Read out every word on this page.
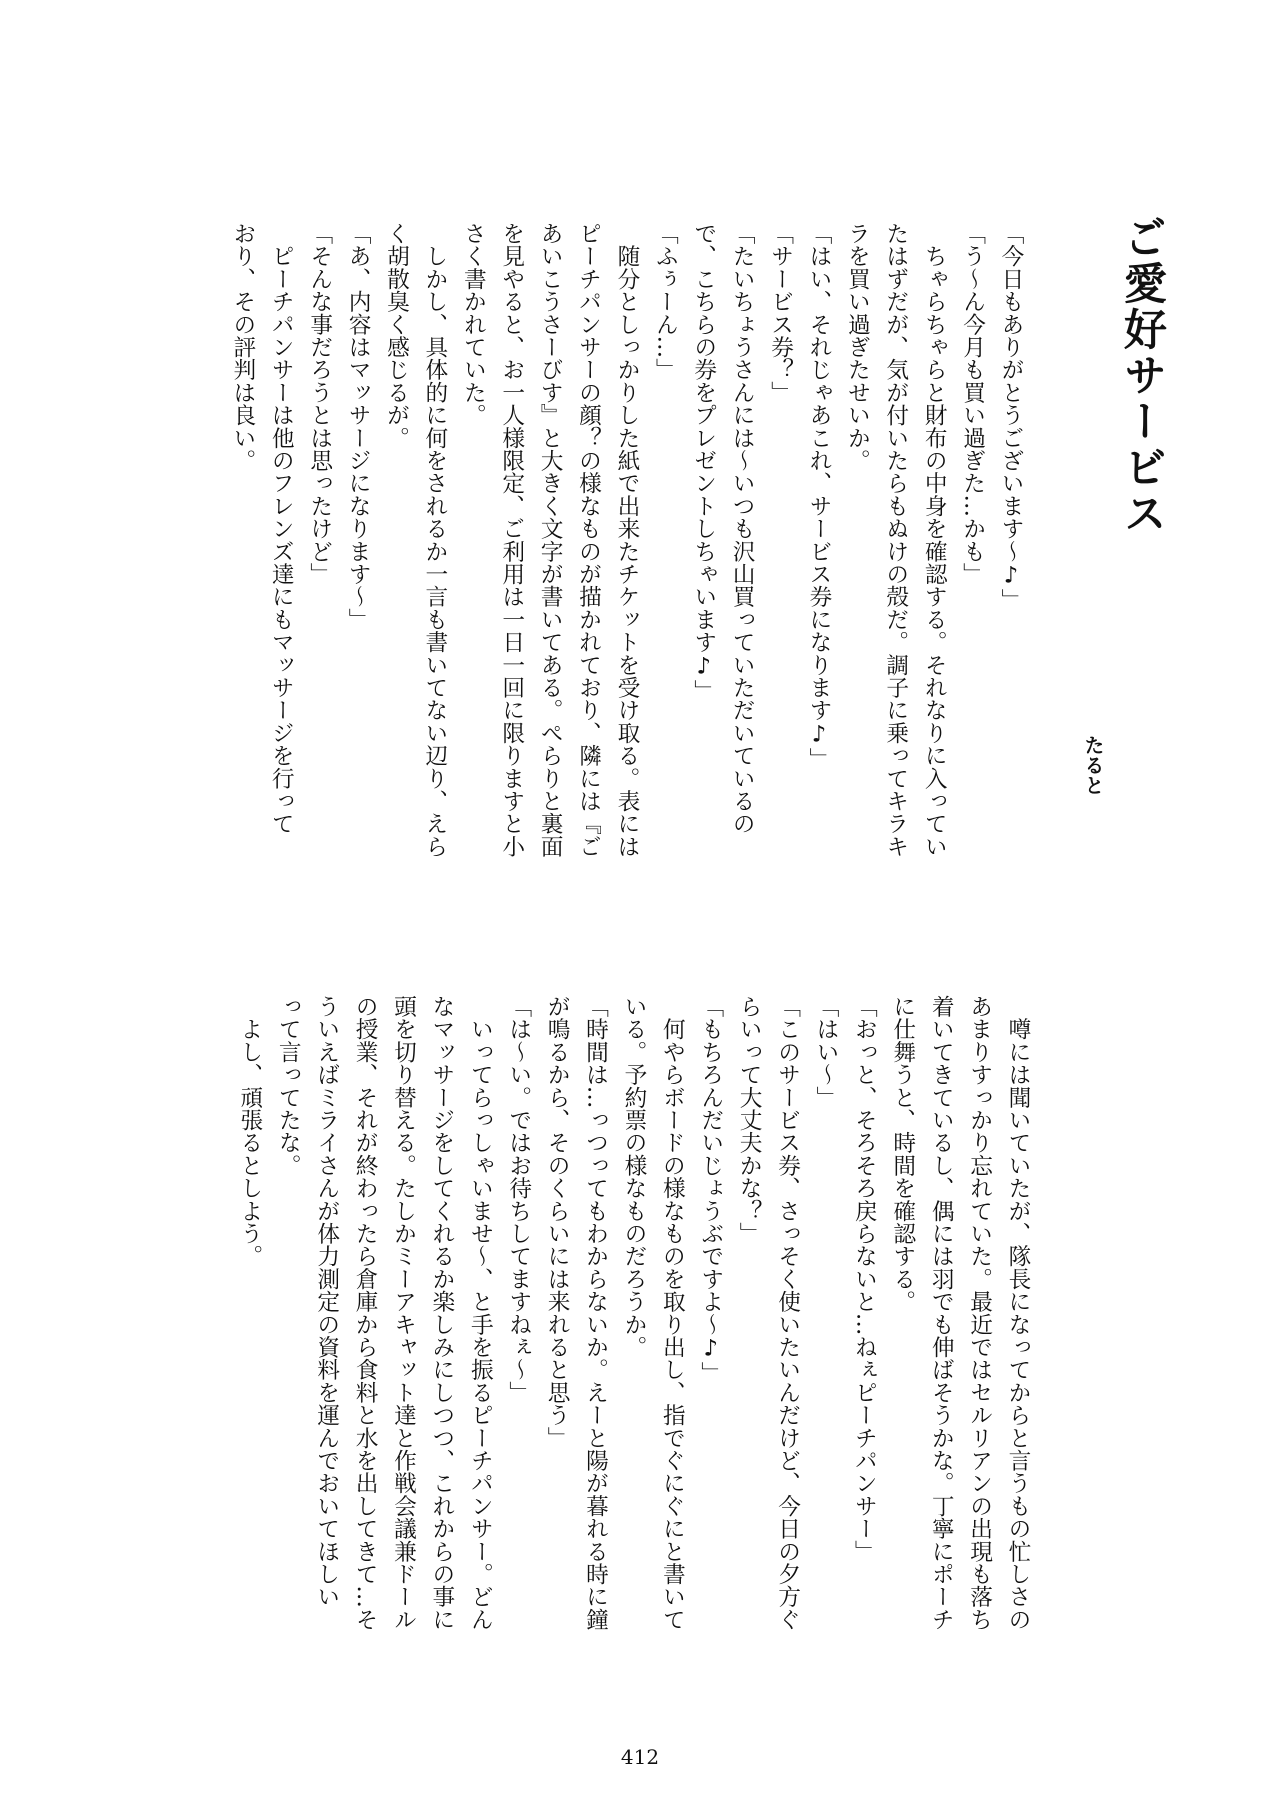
ご愛好サービス
たると
「今日もありがとうございます〜♪」
「う〜ん今月も買い過ぎた…かも」
　ちゃらちゃらと財布の中身を確認する。それなりに入ってい
たはずだが、気が付いたらもぬけの殻だ。調子に乗ってキラキ
ラを買い過ぎたせいか。
「はい、それじゃあこれ、サービス券になります♪」
「サービス券？」
「たいちょうさんには〜いつも沢山買っていただいているの
で、こちらの券をプレゼントしちゃいます♪」
「ふぅーん…」
　随分としっかりした紙で出来たチケットを受け取る。表には
ピーチパンサーの顔？の様なものが描かれており、隣には『ご
あいこうさーびす』と大きく文字が書いてある。ぺらりと裏面
を見やると、お一人様限定、ご利用は一日一回に限りますと小
さく書かれていた。
　しかし、具体的に何をされるか一言も書いてない辺り、えら
く胡散臭く感じるが。
「あ、内容はマッサージになります〜」
「そんな事だろうとは思ったけど」
　ピーチパンサーは他のフレンズ達にもマッサージを行って
おり、その評判は良い。
　噂には聞いていたが、隊長になってからと言うもの忙しさの
あまりすっかり忘れていた。最近ではセルリアンの出現も落ち
着いてきているし、偶には羽でも伸ばそうかな。丁寧にポーチ
に仕舞うと、時間を確認する。
「おっと、そろそろ戻らないと…ねぇピーチパンサー」
「はい〜」
「このサービス券、さっそく使いたいんだけど、今日の夕方ぐ
らいって大丈夫かな？」
「もちろんだいじょうぶですよ〜♪」
　何やらボードの様なものを取り出し、指でぐにぐにと書いて
いる。予約票の様なものだろうか。
「時間は…っつってもわからないか。えーと陽が暮れる時に鐘
が鳴るから、そのくらいには来れると思う」
「は〜い。ではお待ちしてますねぇ〜」
　いってらっしゃいませ〜、と手を振るピーチパンサー。どん
なマッサージをしてくれるか楽しみにしつつ、これからの事に
頭を切り替える。たしかミーアキャット達と作戦会議兼ドール
の授業、それが終わったら倉庫から食料と水を出してきて…そ
ういえばミライさんが体力測定の資料を運んでおいてほしい
って言ってたな。
　よし、頑張るとしよう。
412
